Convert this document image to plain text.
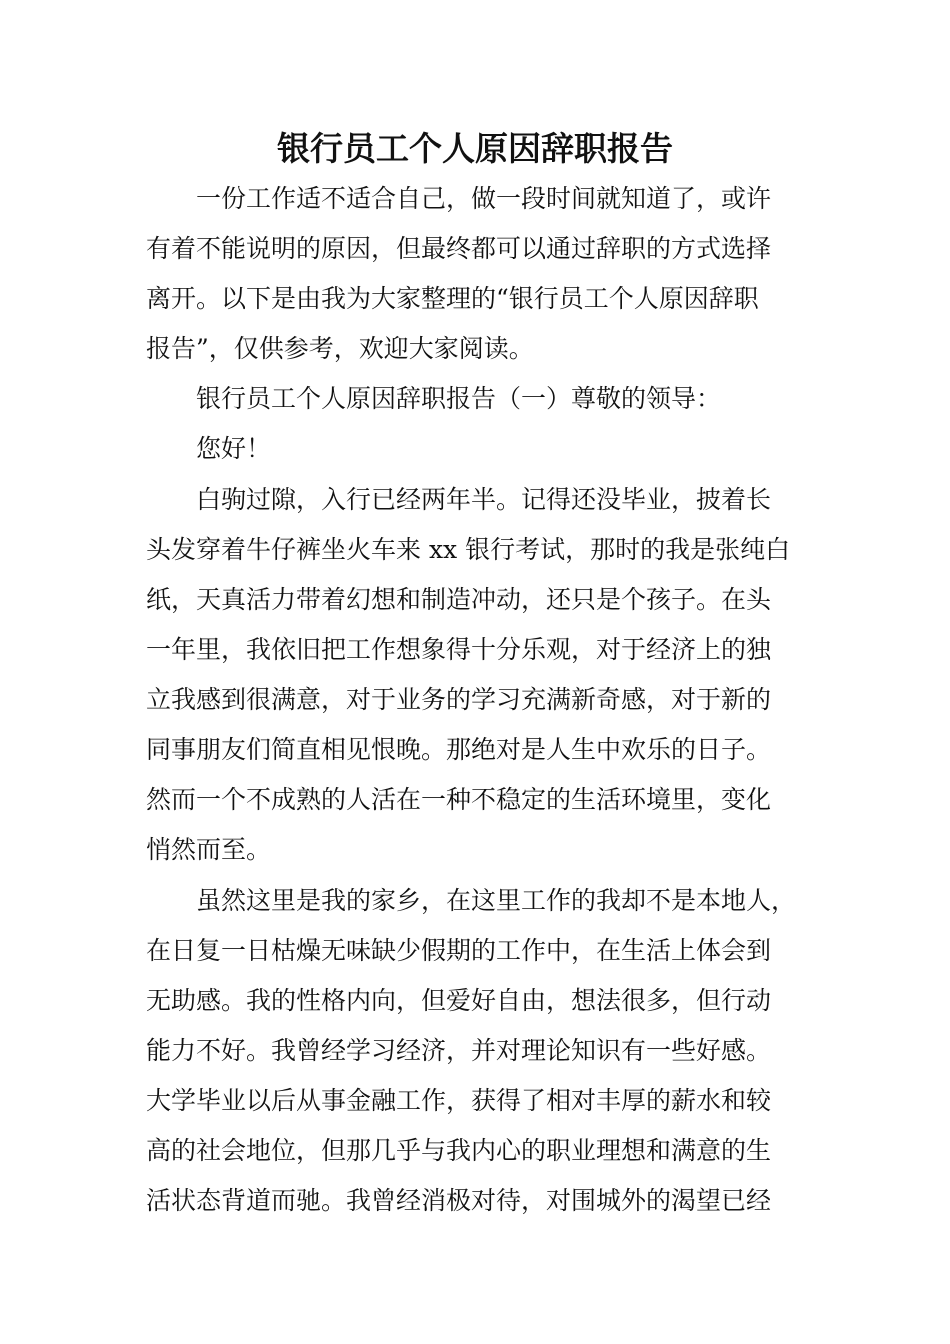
银行员工个人原因辞职报告

一份工作适不适合自己，做一段时间就知道了，或许

有着不能说明的原因，但最终都可以通过辞职的方式选择

离开。以下是由我为大家整理的“银行员工个人原因辞职

报告”，仅供参考，欢迎大家阅读。

银行员工个人原因辞职报告（一）尊敬的领导：

您好！

白驹过隙，入行已经两年半。记得还没毕业，披着长

头发穿着牛仔裤坐火车来 xx 银行考试，那时的我是张纯白

纸，天真活力带着幻想和制造冲动，还只是个孩子。在头

一年里，我依旧把工作想象得十分乐观，对于经济上的独

立我感到很满意，对于业务的学习充满新奇感，对于新的

同事朋友们简直相见恨晚。那绝对是人生中欢乐的日子。

然而一个不成熟的人活在一种不稳定的生活环境里，变化

悄然而至。

虽然这里是我的家乡，在这里工作的我却不是本地人，

在日复一日枯燥无味缺少假期的工作中，在生活上体会到

无助感。我的性格内向，但爱好自由，想法很多，但行动

能力不好。我曾经学习经济，并对理论知识有一些好感。

大学毕业以后从事金融工作，获得了相对丰厚的薪水和较

高的社会地位，但那几乎与我内心的职业理想和满意的生

活状态背道而驰。我曾经消极对待，对围城外的渴望已经
